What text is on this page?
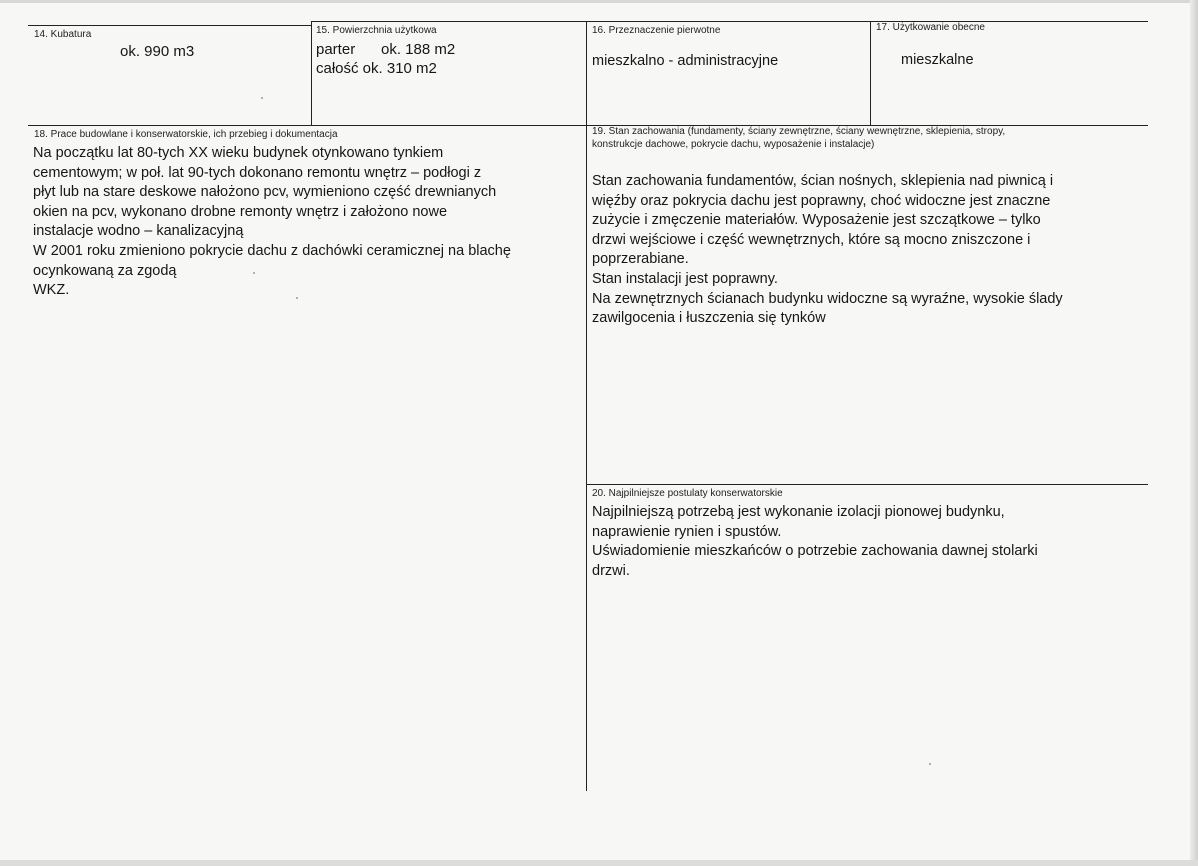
14. Kubatura
ok. 990 m3
15. Powierzchnia użytkowa
parter ok. 188 m2
całość ok. 310 m2
16. Przeznaczenie pierwotne
mieszkalno - administracyjne
17. Użytkowanie obecne
mieszkalne
18. Prace budowlane i konserwatorskie, ich przebieg i dokumentacja
Na początku lat 80-tych XX wieku budynek otynkowano tynkiem
cementowym; w poł. lat 90-tych dokonano remontu wnętrz – podłogi z
płyt lub na stare deskowe nałożono pcv, wymieniono część drewnianych
okien na pcv, wykonano drobne remonty wnętrz i założono nowe
instalacje wodno – kanalizacyjną
W 2001 roku zmieniono pokrycie dachu z dachówki ceramicznej na blachę
ocynkowaną za zgodą
WKZ.
19. Stan zachowania (fundamenty, ściany zewnętrzne, ściany wewnętrzne, sklepienia, stropy,
konstrukcje dachowe, pokrycie dachu, wyposażenie i instalacje)
Stan zachowania fundamentów, ścian nośnych, sklepienia nad piwnicą i
więźby oraz pokrycia dachu jest poprawny, choć widoczne jest znaczne
zużycie i zmęczenie materiałów. Wyposażenie jest szczątkowe – tylko
drzwi wejściowe i część wewnętrznych, które są mocno zniszczone i
poprzerabiane.
Stan instalacji jest poprawny.
Na zewnętrznych ścianach budynku widoczne są wyraźne, wysokie ślady
zawilgocenia i łuszczenia się tynków
20. Najpilniejsze postulaty konserwatorskie
Najpilniejszą potrzebą jest wykonanie izolacji pionowej budynku,
naprawienie rynien i spustów.
Uświadomienie mieszkańców o potrzebie zachowania dawnej stolarki
drzwi.
